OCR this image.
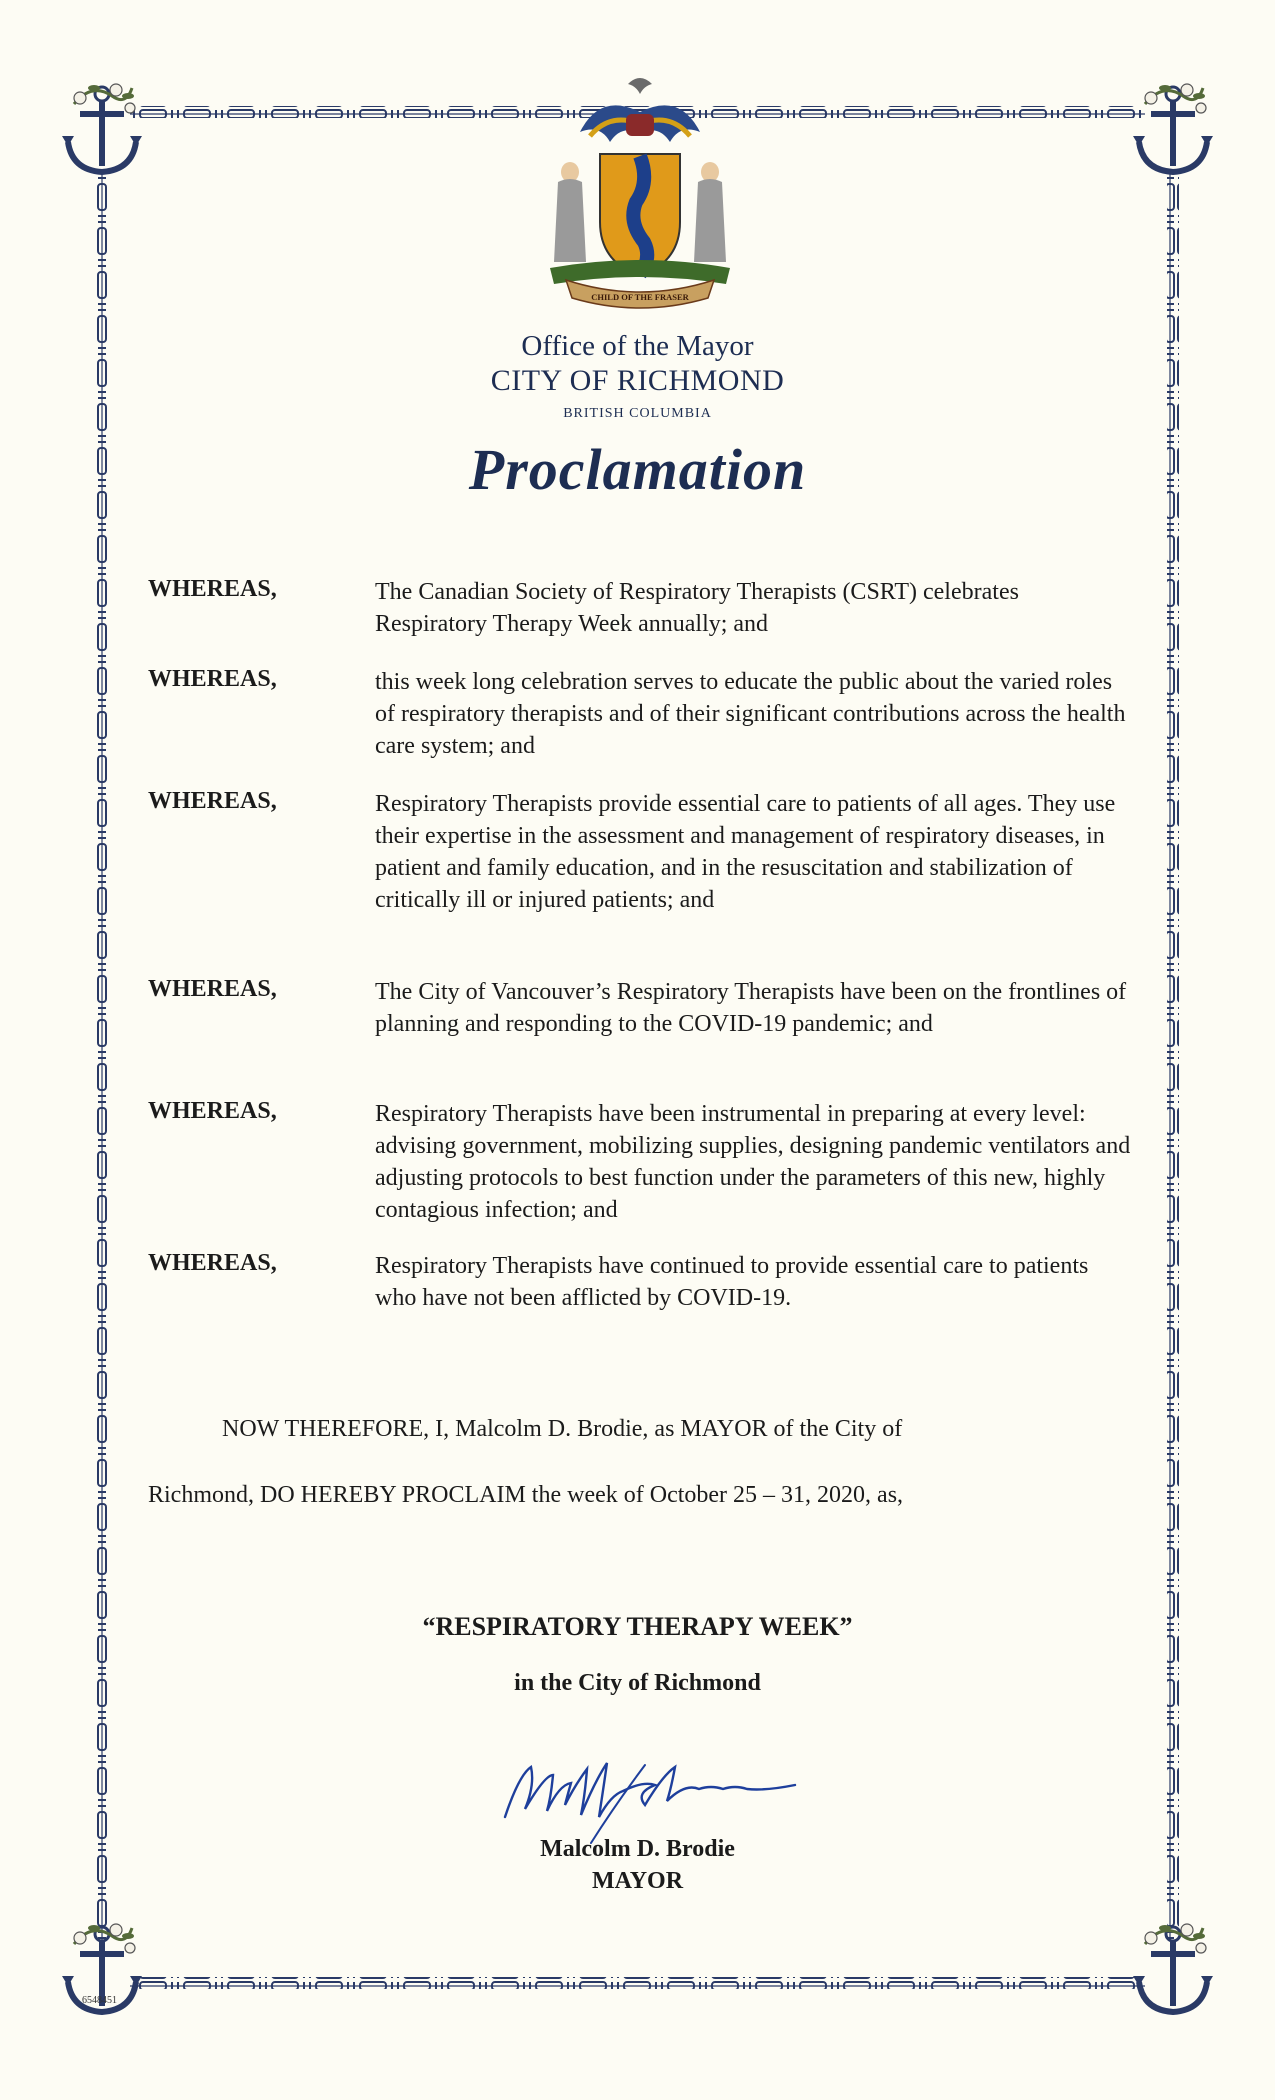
CHILD OF THE FRASER
Office of the Mayor
CITY OF RICHMOND
BRITISH COLUMBIA
Proclamation
WHEREAS,	The Canadian Society of Respiratory Therapists (CSRT) celebrates Respiratory Therapy Week annually; and
WHEREAS,	this week long celebration serves to educate the public about the varied roles of respiratory therapists and of their significant contributions across the health care system; and
WHEREAS,	Respiratory Therapists provide essential care to patients of all ages. They use their expertise in the assessment and management of respiratory diseases, in patient and family education, and in the resuscitation and stabilization of critically ill or injured patients; and
WHEREAS,	The City of Vancouver’s Respiratory Therapists have been on the frontlines of planning and responding to the COVID-19 pandemic; and
WHEREAS,	Respiratory Therapists have been instrumental in preparing at every level: advising government, mobilizing supplies, designing pandemic ventilators and adjusting protocols to best function under the parameters of this new, highly contagious infection; and
WHEREAS,	Respiratory Therapists have continued to provide essential care to patients who have not been afflicted by COVID-19.
NOW THEREFORE, I, Malcolm D. Brodie, as MAYOR of the City of
Richmond, DO HEREBY PROCLAIM the week of October 25 – 31, 2020, as,
“RESPIRATORY THERAPY WEEK”
in the City of Richmond
Malcolm D. Brodie
MAYOR
6548451
